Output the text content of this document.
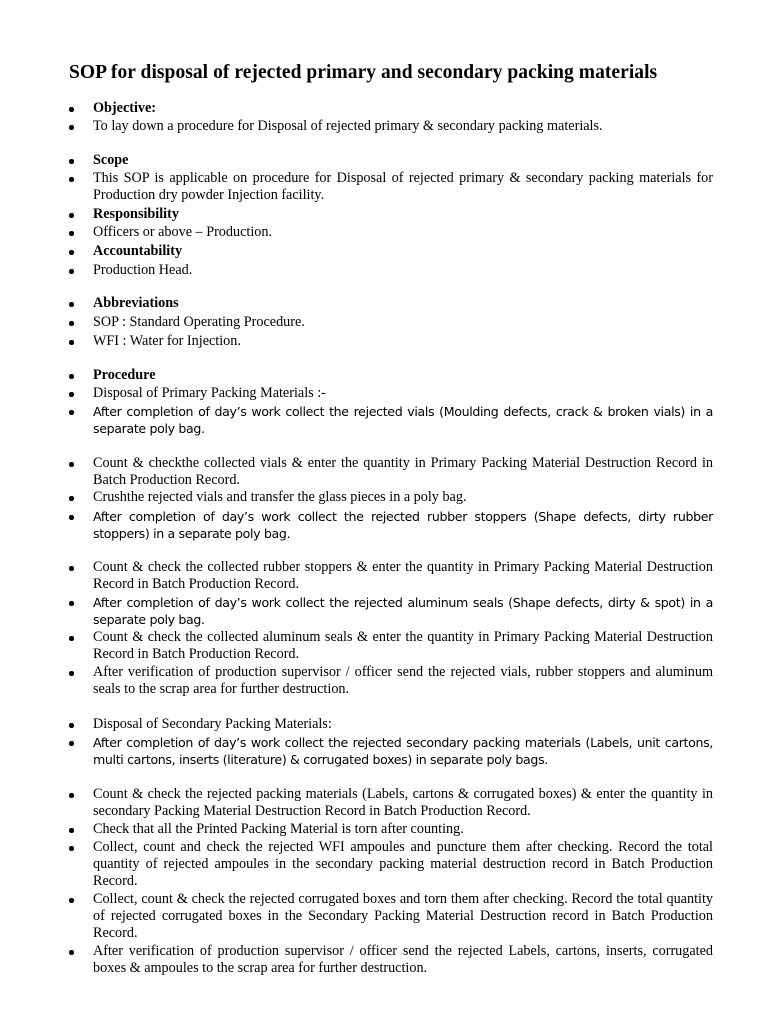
SOP for disposal of rejected primary and secondary packing materials
Objective:
To lay down a procedure for Disposal of rejected primary & secondary packing materials.
Scope
This SOP is applicable on procedure for Disposal of rejected primary & secondary packing materials for Production dry powder Injection facility.
Responsibility
Officers or above – Production.
Accountability
Production Head.
Abbreviations
SOP : Standard Operating Procedure.
WFI : Water for Injection.
Procedure
Disposal of Primary Packing Materials :-
After completion of day’s work collect the rejected vials (Moulding defects, crack & broken vials) in a separate poly bag.
Count & checkthe collected vials & enter the quantity in Primary Packing Material Destruction Record in Batch Production Record.
Crushthe rejected vials and transfer the glass pieces in a poly bag.
After completion of day’s work collect the rejected rubber stoppers (Shape defects, dirty rubber stoppers) in a separate poly bag.
Count & check the collected rubber stoppers & enter the quantity in Primary Packing Material Destruction Record in Batch Production Record.
After completion of day’s work collect the rejected aluminum seals (Shape defects, dirty & spot) in a separate poly bag.
Count & check the collected aluminum seals & enter the quantity in Primary Packing Material Destruction Record in Batch Production Record.
After verification of production supervisor / officer send the rejected vials, rubber stoppers and aluminum seals to the scrap area for further destruction.
Disposal of Secondary Packing Materials:
After completion of day’s work collect the rejected secondary packing materials (Labels, unit cartons, multi cartons, inserts (literature) & corrugated boxes) in separate poly bags.
Count & check the rejected packing materials (Labels, cartons & corrugated boxes) & enter the quantity in secondary Packing Material Destruction Record in Batch Production Record.
Check that all the Printed Packing Material is torn after counting.
Collect, count and check the rejected WFI ampoules and puncture them after checking. Record the total quantity of rejected ampoules in the secondary packing material destruction record in Batch Production Record.
Collect, count & check the rejected corrugated boxes and torn them after checking. Record the total quantity of rejected corrugated boxes in the Secondary Packing Material Destruction record in Batch Production Record.
After verification of production supervisor / officer send the rejected Labels, cartons, inserts, corrugated boxes & ampoules to the scrap area for further destruction.
